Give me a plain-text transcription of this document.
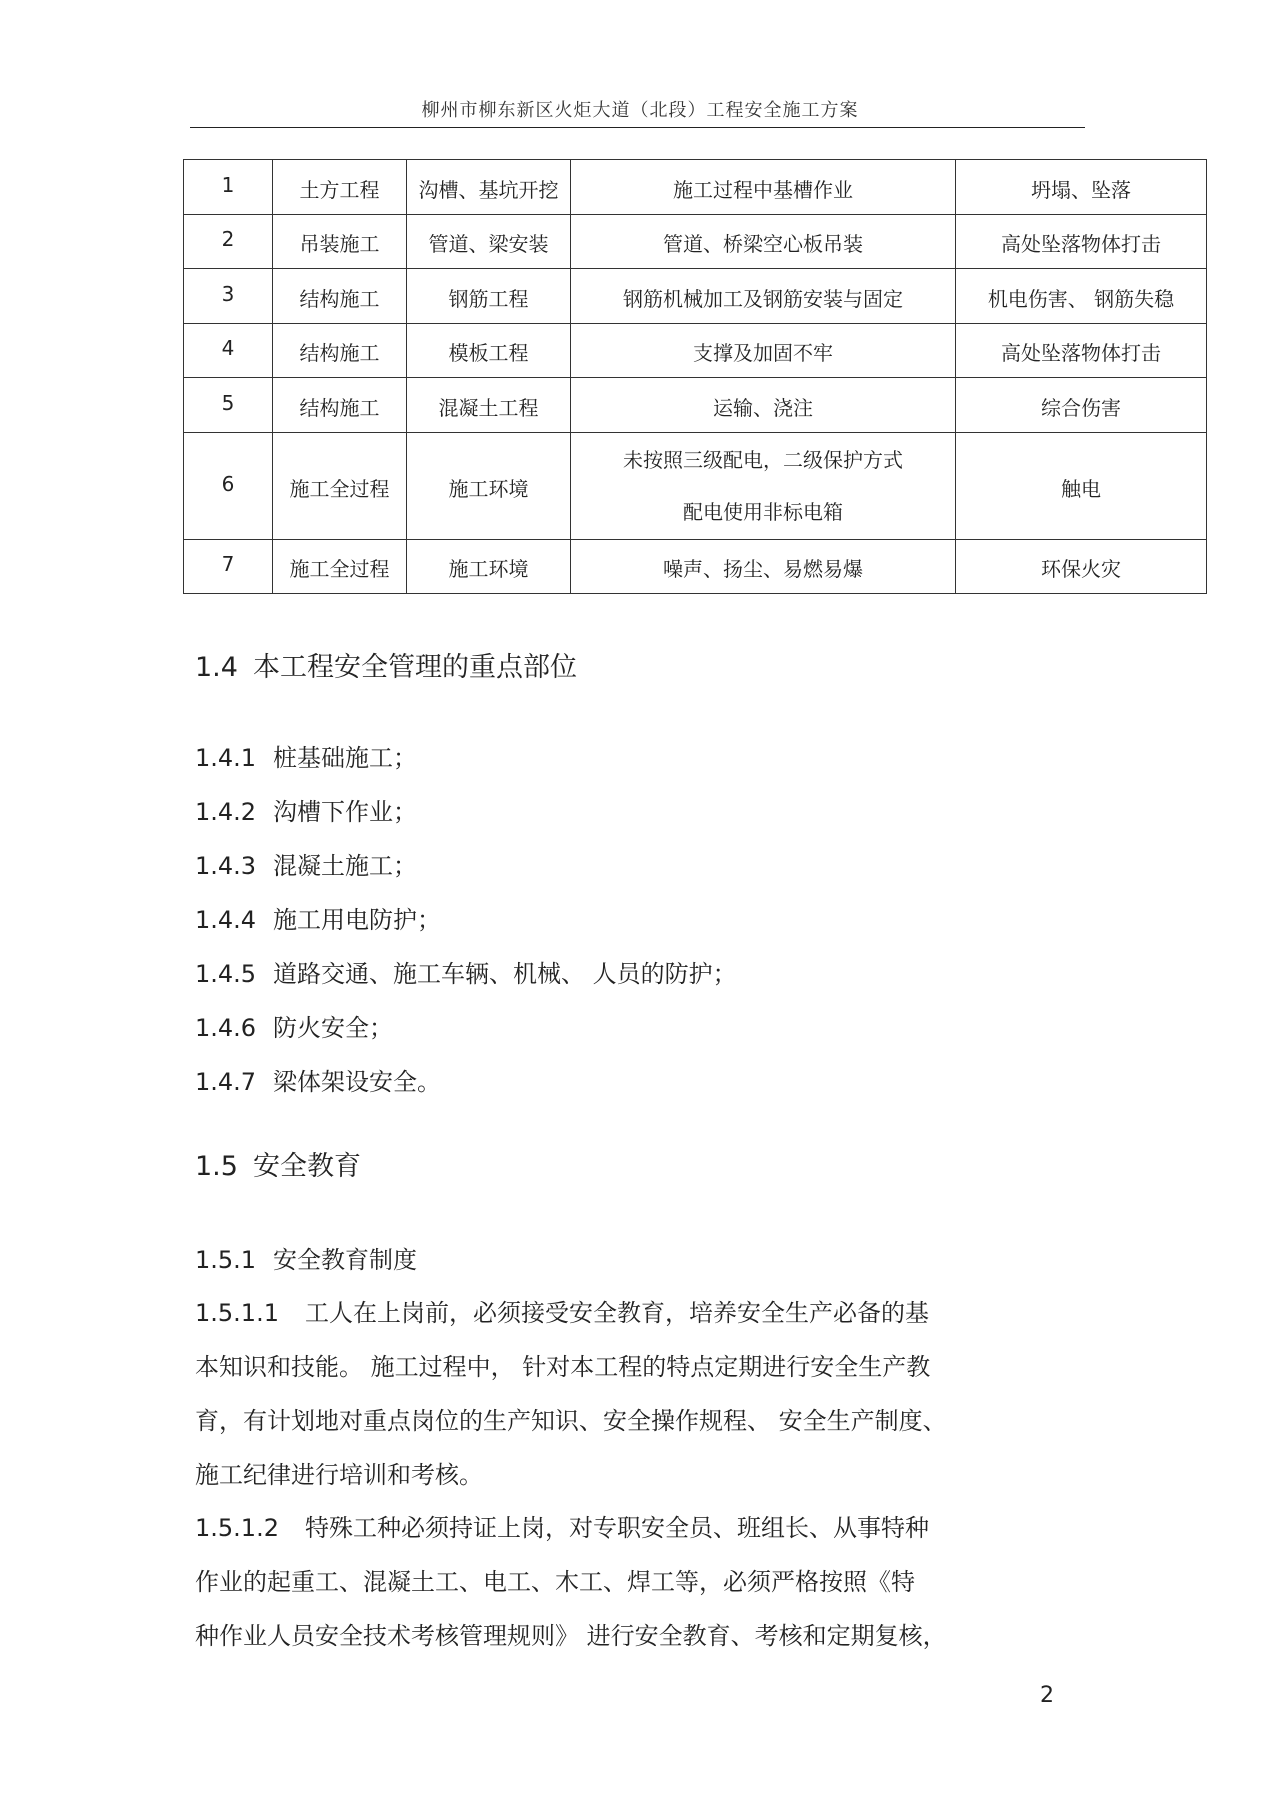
柳州市柳东新区火炬大道（北段）工程安全施工方案
1	土方工程	沟槽、基坑开挖	施工过程中基槽作业	坍塌、坠落
2	吊装施工	管道、梁安装	管道、桥梁空心板吊装	高处坠落物体打击
3	结构施工	钢筋工程	钢筋机械加工及钢筋安装与固定	机电伤害、 钢筋失稳
4	结构施工	模板工程	支撑及加固不牢	高处坠落物体打击
5	结构施工	混凝土工程	运输、浇注	综合伤害
6	施工全过程	施工环境	未按照三级配电，二级保护方式
配电使用非标电箱	触电
7	施工全过程	施工环境	噪声、扬尘、易燃易爆	环保火灾
1.4 本工程安全管理的重点部位
1.4.1 桩基础施工；
1.4.2 沟槽下作业；
1.4.3 混凝土施工；
1.4.4 施工用电防护；
1.4.5 道路交通、施工车辆、机械、 人员的防护；
1.4.6 防火安全；
1.4.7 梁体架设安全。
1.5 安全教育
1.5.1 安全教育制度
1.5.1.1 工人在上岗前，必须接受安全教育，培养安全生产必备的基
本知识和技能。 施工过程中， 针对本工程的特点定期进行安全生产教
育，有计划地对重点岗位的生产知识、安全操作规程、 安全生产制度、
施工纪律进行培训和考核。
1.5.1.2 特殊工种必须持证上岗，对专职安全员、班组长、从事特种
作业的起重工、混凝土工、电工、木工、焊工等，必须严格按照《特
种作业人员安全技术考核管理规则》 进行安全教育、考核和定期复核，
2
